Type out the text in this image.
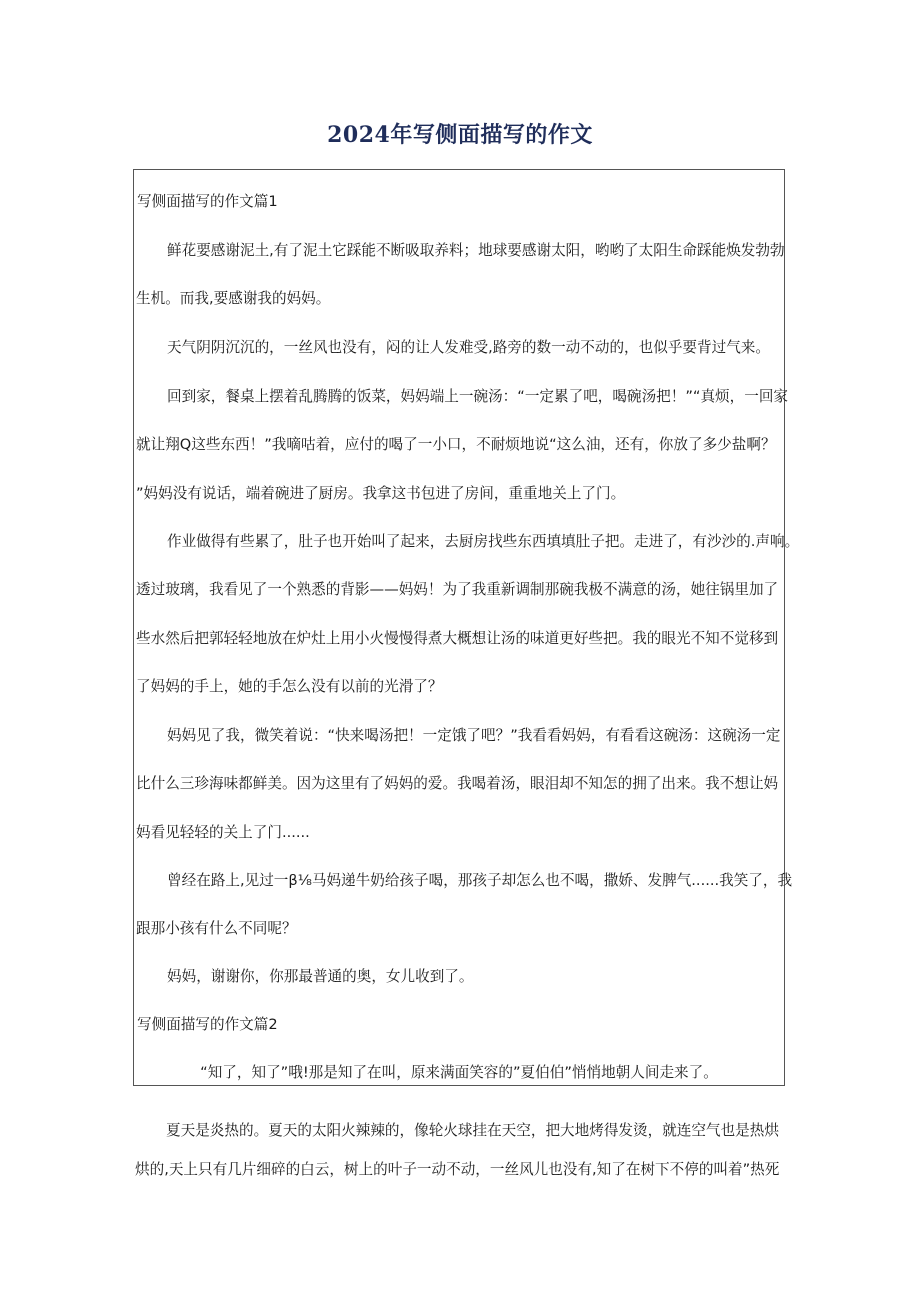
2024年写侧面描写的作文
写侧面描写的作文篇1
鲜花要感谢泥土,有了泥土它踩能不断吸取养料；地球要感谢太阳，哟哟了太阳生命踩能焕发勃勃
生机。而我,要感谢我的妈妈。
天气阴阴沉沉的，一丝风也没有，闷的让人发难受,路旁的数一动不动的，也似乎要背过气来。
回到家，餐桌上摆着乱腾腾的饭菜，妈妈端上一碗汤：“一定累了吧，喝碗汤把！”“真烦，一回家
就让翔Q这些东西！”我嘀咕着，应付的喝了一小口，不耐烦地说“这么油，还有，你放了多少盐啊？
”妈妈没有说话，端着碗进了厨房。我拿这书包进了房间，重重地关上了门。
作业做得有些累了，肚子也开始叫了起来，去厨房找些东西填填肚子把。走进了，有沙沙的.声响。
透过玻璃，我看见了一个熟悉的背影——妈妈！为了我重新调制那碗我极不满意的汤，她往锅里加了
些水然后把郭轻轻地放在炉灶上用小火慢慢得煮大概想让汤的味道更好些把。我的眼光不知不觉移到
了妈妈的手上，她的手怎么没有以前的光滑了？
妈妈见了我，微笑着说：“快来喝汤把！一定饿了吧？”我看看妈妈，有看看这碗汤：这碗汤一定
比什么三珍海味都鲜美。因为这里有了妈妈的爱。我喝着汤，眼泪却不知怎的拥了出来。我不想让妈
妈看见轻轻的关上了门......
曾经在路上,见过一β⅛马妈递牛奶给孩子喝，那孩子却怎么也不喝，撒娇、发脾气......我笑了，我
跟那小孩有什么不同呢？
妈妈，谢谢你，你那最普通的奥，女儿收到了。
写侧面描写的作文篇2
“知了，知了”哦!那是知了在叫，原来满面笑容的”夏伯伯”悄悄地朝人间走来了。
夏天是炎热的。夏天的太阳火辣辣的，像轮火球挂在天空，把大地烤得发烫，就连空气也是热烘
烘的,天上只有几片细碎的白云，树上的叶子一动不动，一丝风儿也没有,知了在树下不停的叫着”热死
